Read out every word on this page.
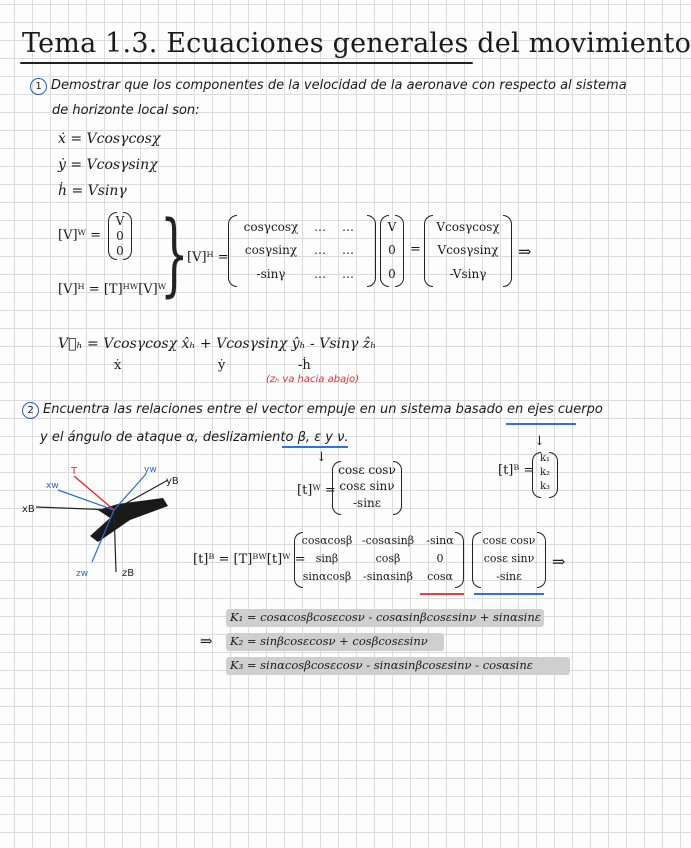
Tema 1.3. Ecuaciones generales del movimiento
1 Demostrar que los componentes de la velocidad de la aeronave con respecto al sistema
de horizonte local son:
ẋ = Vcosγcosχ
ẏ = Vcosγsinχ
ḣ = Vsinγ
[V]ᵂ =
V
0
0
[V]ᴴ = [T]ᴴᵂ[V]ᵂ
}
[V]ᴴ =
cosγcosχ	…	…
cosγsinχ	…	…
-sinγ	…	…
V
0
0
=
Vcosγcosχ
Vcosγsinχ
-Vsinγ
⇒
V⃗ₕ = Vcosγcosχ x̂ₕ + Vcosγsinχ ŷₕ - Vsinγ ẑₕ
ẋ	ẏ	-ḣ
(zₕ va hacia abajo)
2 Encuentra las relaciones entre el vector empuje en un sistema basado en ejes cuerpo
y el ángulo de ataque α, deslizamiento β, ε y ν.
↓
↓
[t]ᵂ =
cosε cosν
cosε sinν
-sinε
[t]ᴮ =
k₁
k₂
k₃
T
xw
yw
yB
xB
zw	zB
[t]ᴮ = [T]ᴮᵂ[t]ᵂ =
cosαcosβ -cosαsinβ	-sinα
sinβ	cosβ	0
sinαcosβ	-sinαsinβ	cosα
cosε cosν
cosε sinν
-sinε
⇒
K₁ = cosαcosβcosεcosν - cosαsinβcosεsinν + sinαsinε
⇒ K₂ = sinβcosεcosν + cosβcosεsinν
K₃ = sinαcosβcosεcosν - sinαsinβcosεsinν - cosαsinε
